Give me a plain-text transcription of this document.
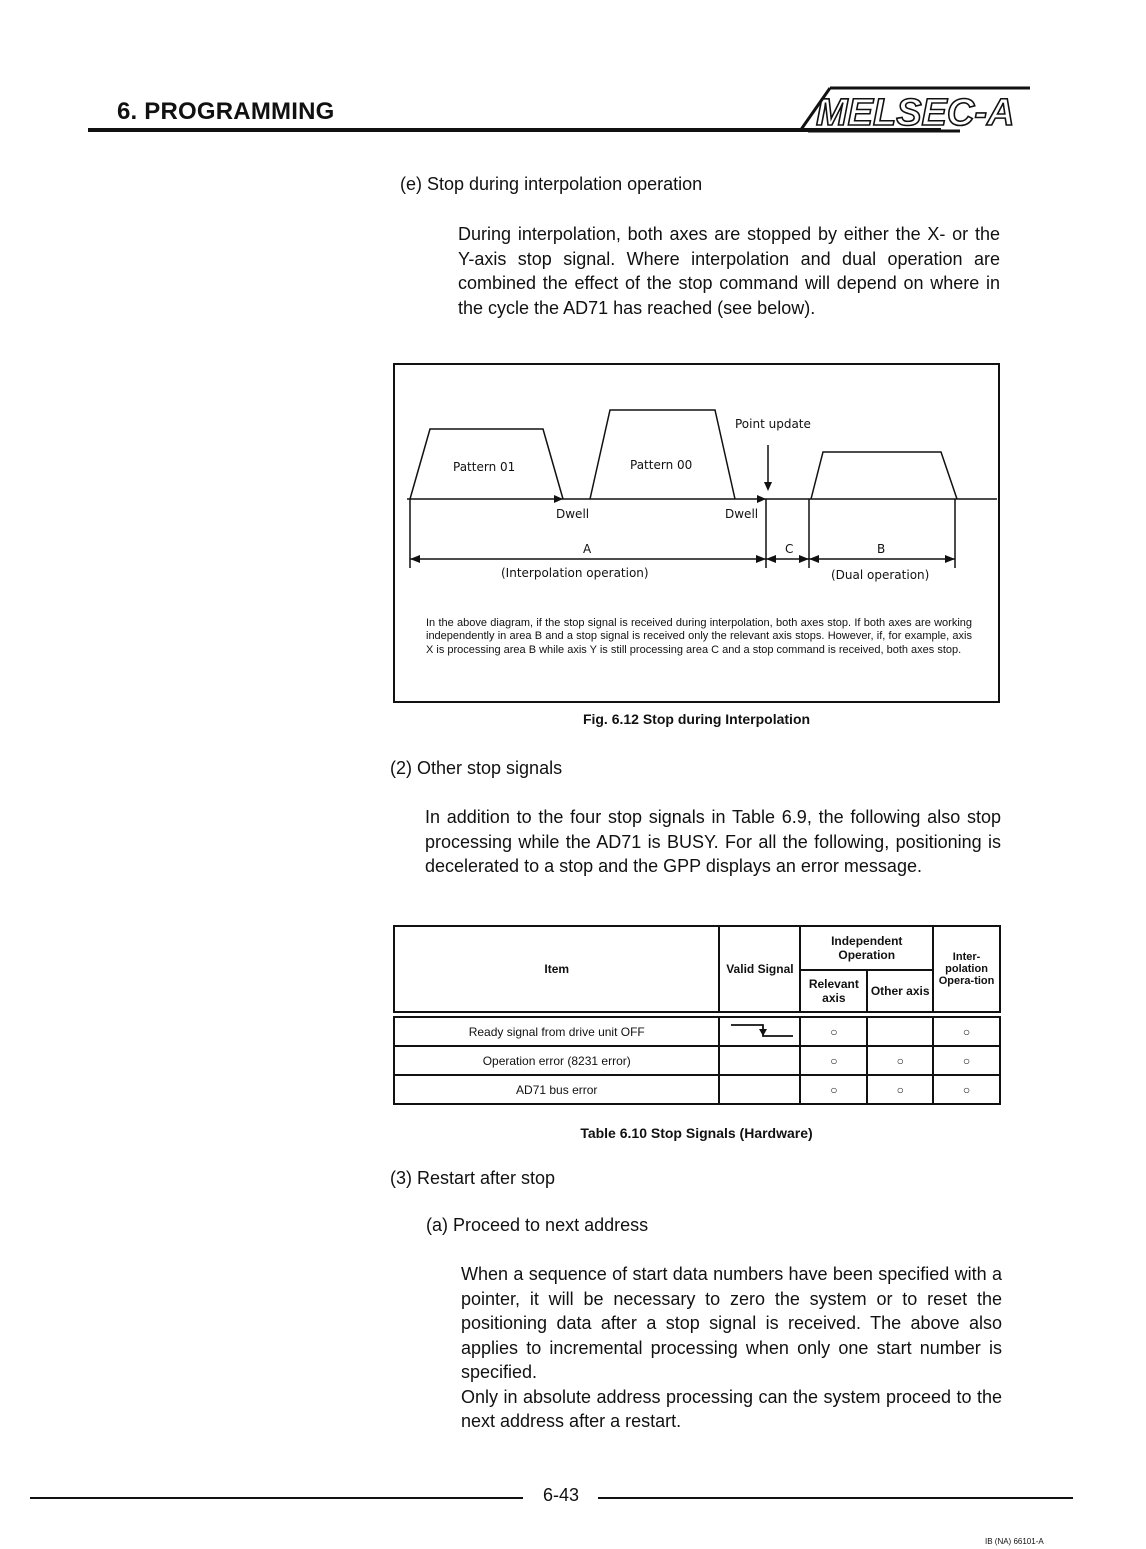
6. PROGRAMMING	MELSEC-A
(e) Stop during interpolation operation
During interpolation, both axes are stopped by either the X- or the Y-axis stop signal. Where interpolation and dual operation are combined the effect of the stop command will depend on where in the cycle the AD71 has reached (see below).
Pattern 01	Pattern 00
Point update
Dwell	Dwell
A	C	B
(Interpolation operation)	(Dual operation)
In the above diagram, if the stop signal is received during interpolation, both axes stop. If both axes are working independently in area B and a stop signal is received only the relevant axis stops. However, if, for example, axis X is processing area B while axis Y is still processing area C and a stop command is received, both axes stop.
Fig. 6.12 Stop during Interpolation
(2) Other stop signals
In addition to the four stop signals in Table 6.9, the following also stop processing while the AD71 is BUSY. For all the following, positioning is decelerated to a stop and the GPP displays an error message.
Item	Valid Signal	Independent Operation		Inter-polation Opera-tion
		Relevant axis	Other axis	

Ready signal from drive unit OFF		○		○
Operation error (8231 error)		○	○	○
AD71 bus error		○	○	○
Table 6.10 Stop Signals (Hardware)
(3) Restart after stop
(a) Proceed to next address
When a sequence of start data numbers have been specified with a pointer, it will be necessary to zero the system or to reset the positioning data after a stop signal is received. The above also applies to incremental processing when only one start number is specified.
Only in absolute address processing can the system proceed to the next address after a restart.
6-43
IB (NA) 66101-A
